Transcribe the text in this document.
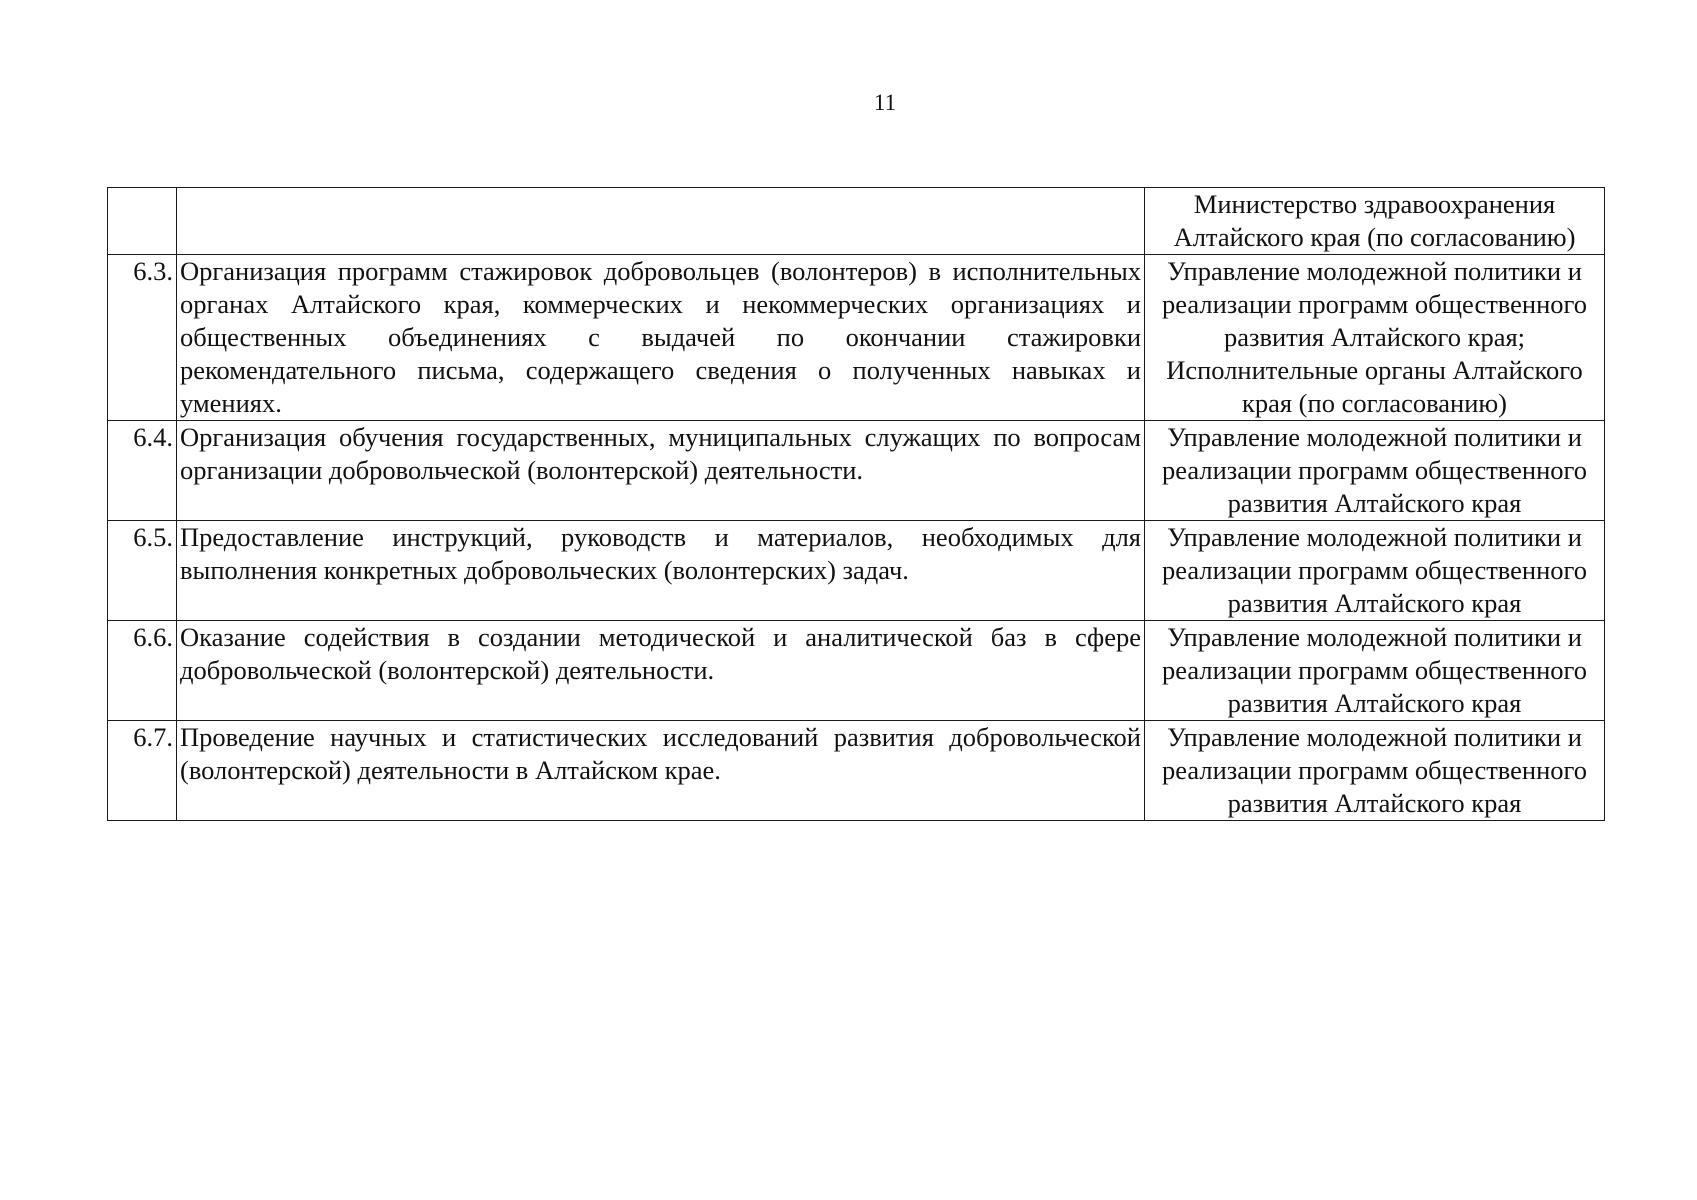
11
		Министерство здравоохранения Алтайского края (по согласованию)
6.3.	Организация программ стажировок добровольцев (волонтеров) в исполнительных органах Алтайского края, коммерческих и некоммерческих организациях и общественных объединениях с выдачей по окончании стажировки рекомендательного письма, содержащего сведения о полученных навыках и умениях.	Управление молодежной политики и реализации программ общественного развития Алтайского края; Исполнительные органы Алтайского края (по согласованию)
6.4.	Организация обучения государственных, муниципальных служащих по вопросам организации добровольческой (волонтерской) деятельности.	Управление молодежной политики и реализации программ общественного развития Алтайского края
6.5.	Предоставление инструкций, руководств и материалов, необходимых для выполнения конкретных добровольческих (волонтерских) задач.	Управление молодежной политики и реализации программ общественного развития Алтайского края
6.6.	Оказание содействия в создании методической и аналитической баз в сфере добровольческой (волонтерской) деятельности.	Управление молодежной политики и реализации программ общественного развития Алтайского края
6.7.	Проведение научных и статистических исследований развития добровольческой (волонтерской) деятельности в Алтайском крае.	Управление молодежной политики и реализации программ общественного развития Алтайского края
